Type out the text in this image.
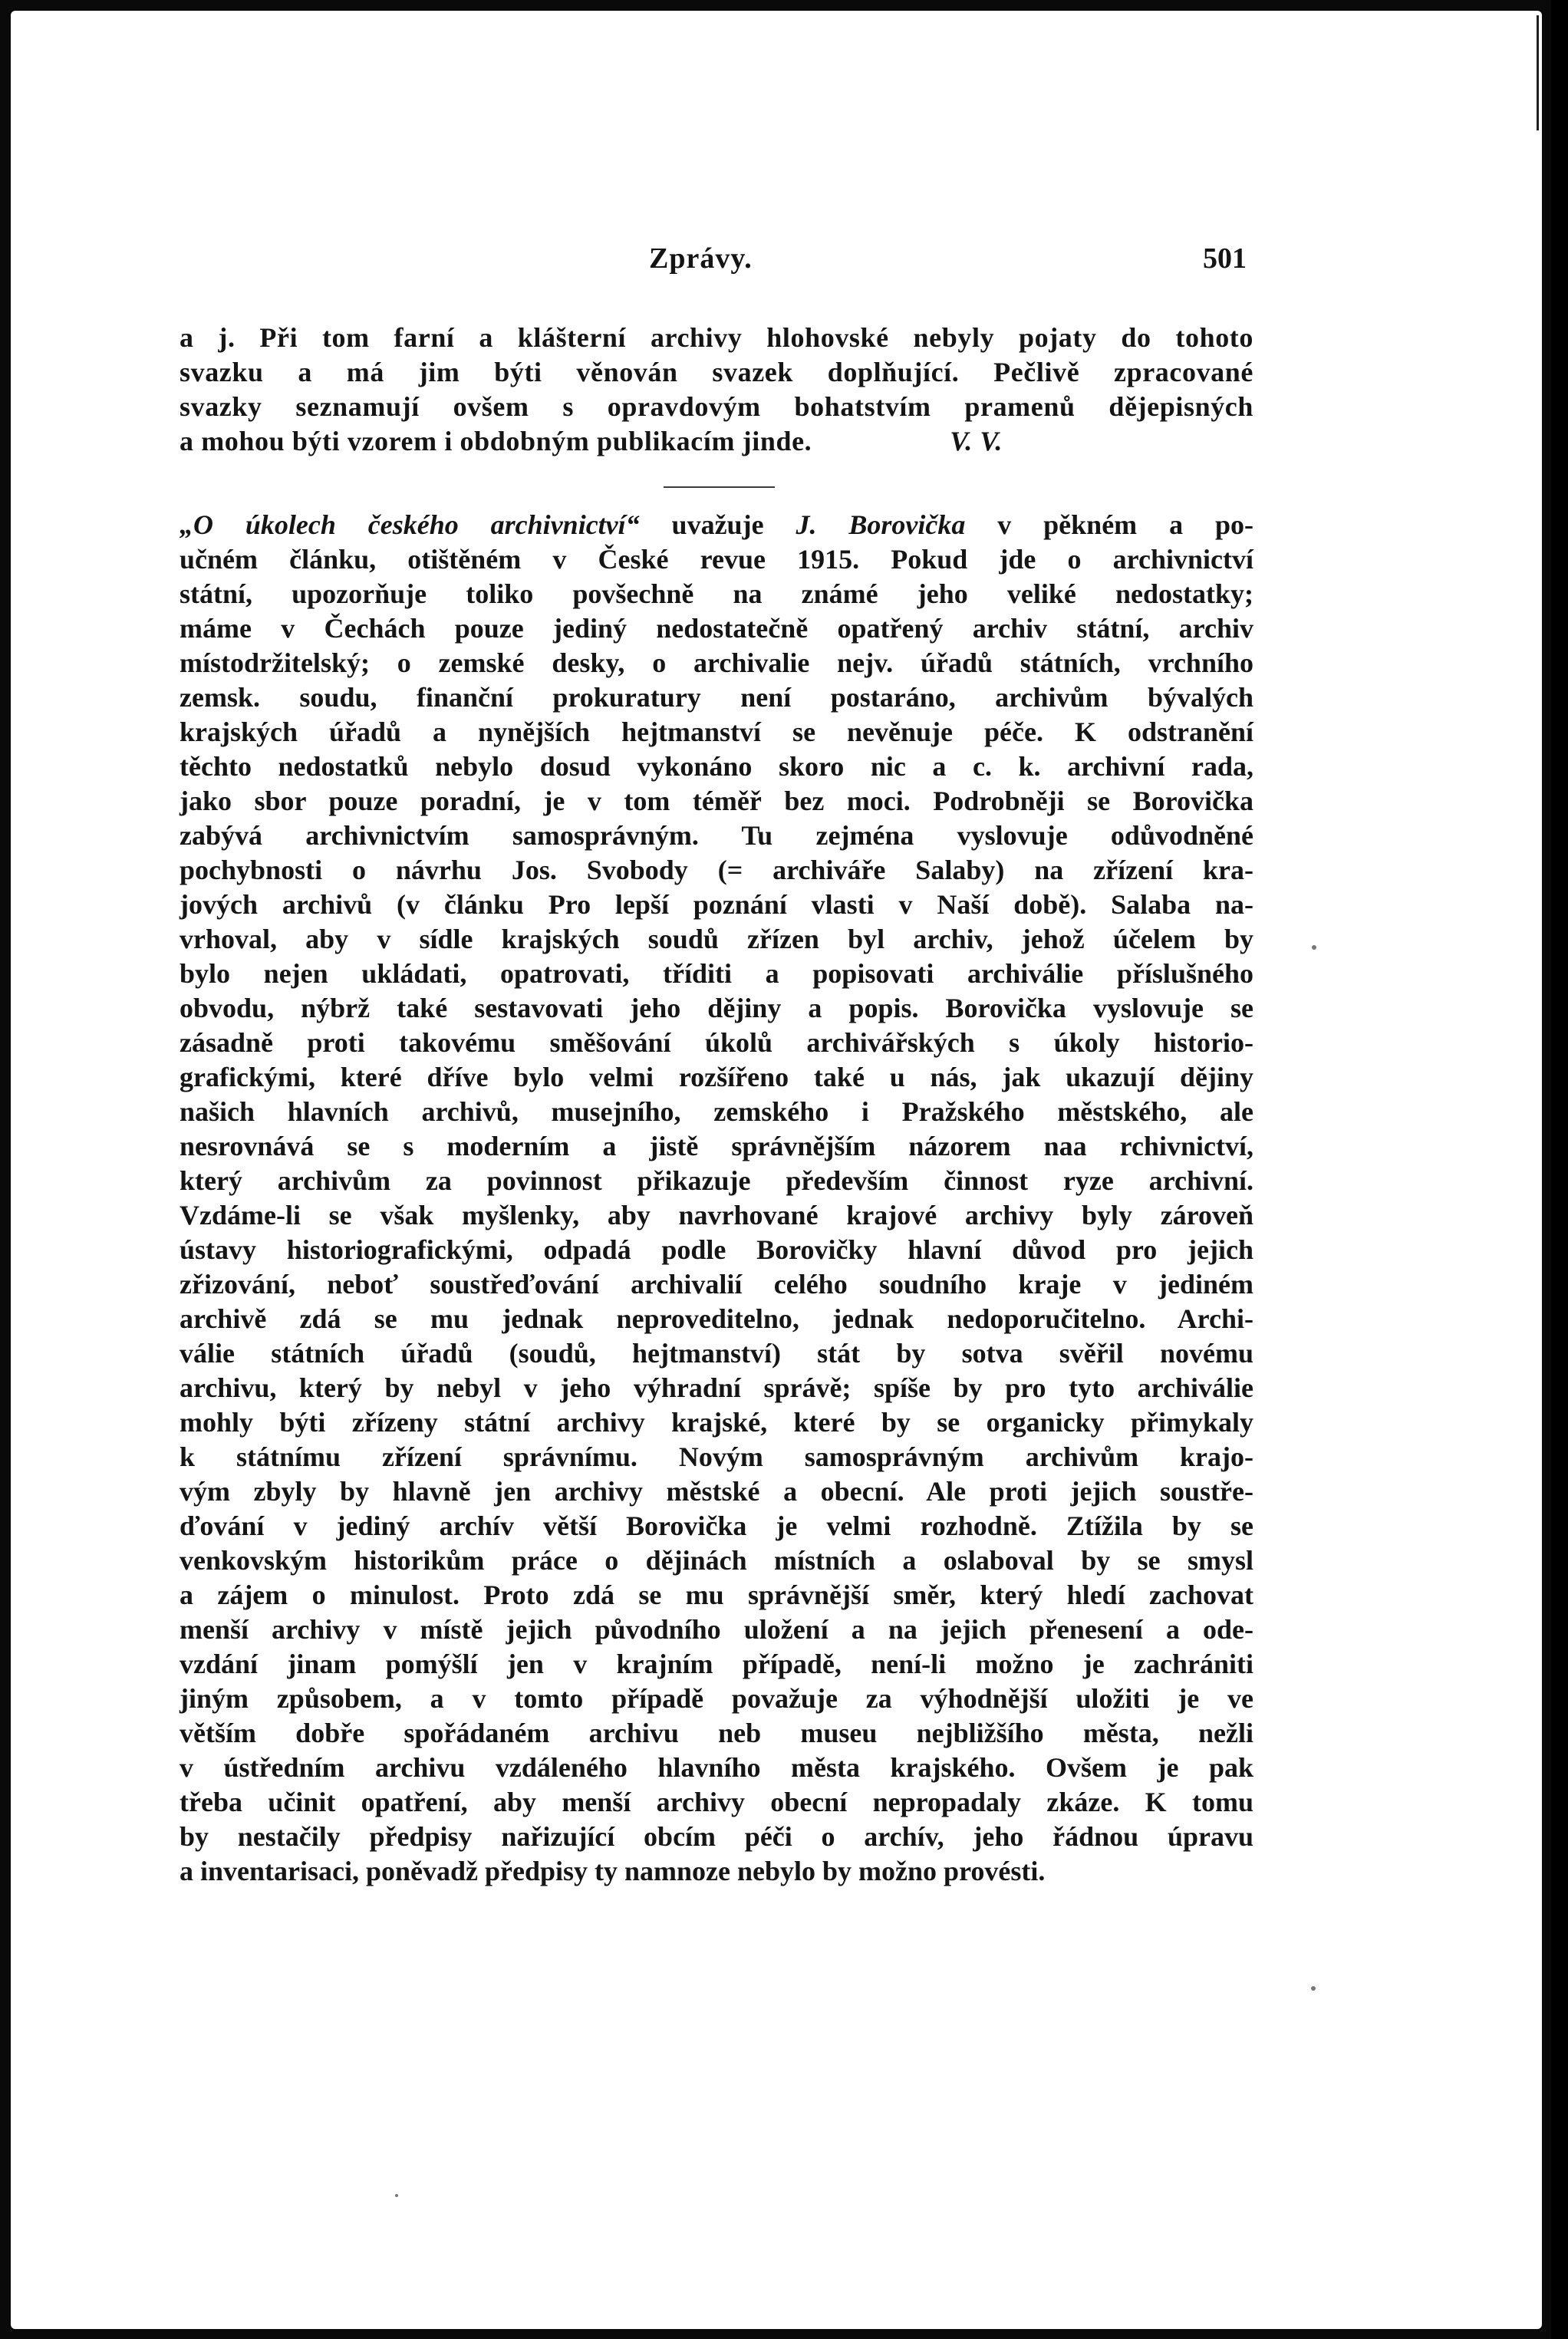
Zprávy.	501
a j. Při tom farní a klášterní archivy hlohovské nebyly pojaty do tohoto
svazku a má jim býti věnován svazek doplňující. Pečlivě zpracované
svazky seznamují ovšem s opravdovým bohatstvím pramenů dějepisných
a mohou býti vzorem i obdobným publikacím jinde.	V. V.
„O úkolech českého archivnictví“ uvažuje J. Borovička v pěkném a po-
učném článku, otištěném v České revue 1915. Pokud jde o archivnictví
státní, upozorňuje toliko povšechně na známé jeho veliké nedostatky;
máme v Čechách pouze jediný nedostatečně opatřený archiv státní, archiv
místodržitelský; o zemské desky, o archivalie nejv. úřadů státních, vrchního
zemsk. soudu, finanční prokuratury není postaráno, archivům bývalých
krajských úřadů a nynějších hejtmanství se nevěnuje péče. K odstranění
těchto nedostatků nebylo dosud vykonáno skoro nic a c. k. archivní rada,
jako sbor pouze poradní, je v tom téměř bez moci. Podrobněji se Borovička
zabývá archivnictvím samosprávným. Tu zejména vyslovuje odůvodněné
pochybnosti o návrhu Jos. Svobody (= archiváře Salaby) na zřízení kra-
jových archivů (v článku Pro lepší poznání vlasti v Naší době). Salaba na-
vrhoval, aby v sídle krajských soudů zřízen byl archiv, jehož účelem by
bylo nejen ukládati, opatrovati, tříditi a popisovati archiválie příslušného
obvodu, nýbrž také sestavovati jeho dějiny a popis. Borovička vyslovuje se
zásadně proti takovému směšování úkolů archivářských s úkoly historio-
grafickými, které dříve bylo velmi rozšířeno také u nás, jak ukazují dějiny
našich hlavních archivů, musejního, zemského i Pražského městského, ale
nesrovnává se s moderním a jistě správnějším názorem naa rchivnictví,
který archivům za povinnost přikazuje především činnost ryze archivní.
Vzdáme-li se však myšlenky, aby navrhované krajové archivy byly zároveň
ústavy historiografickými, odpadá podle Borovičky hlavní důvod pro jejich
zřizování, neboť soustřeďování archivalií celého soudního kraje v jediném
archivě zdá se mu jednak neproveditelno, jednak nedoporučitelno. Archi-
válie státních úřadů (soudů, hejtmanství) stát by sotva svěřil novému
archivu, který by nebyl v jeho výhradní správě; spíše by pro tyto archiválie
mohly býti zřízeny státní archivy krajské, které by se organicky přimykaly
k státnímu zřízení správnímu. Novým samosprávným archivům krajo-
vým zbyly by hlavně jen archivy městské a obecní. Ale proti jejich soustře-
ďování v jediný archív větší Borovička je velmi rozhodně. Ztížila by se
venkovským historikům práce o dějinách místních a oslaboval by se smysl
a zájem o minulost. Proto zdá se mu správnější směr, který hledí zachovat
menší archivy v místě jejich původního uložení a na jejich přenesení a ode-
vzdání jinam pomýšlí jen v krajním případě, není-li možno je zachrániti
jiným způsobem, a v tomto případě považuje za výhodnější uložiti je ve
větším dobře spořádaném archivu neb museu nejbližšího města, nežli
v ústředním archivu vzdáleného hlavního města krajského. Ovšem je pak
třeba učinit opatření, aby menší archivy obecní nepropadaly zkáze. K tomu
by nestačily předpisy nařizující obcím péči o archív, jeho řádnou úpravu
a inventarisaci, poněvadž předpisy ty namnoze nebylo by možno provésti.
